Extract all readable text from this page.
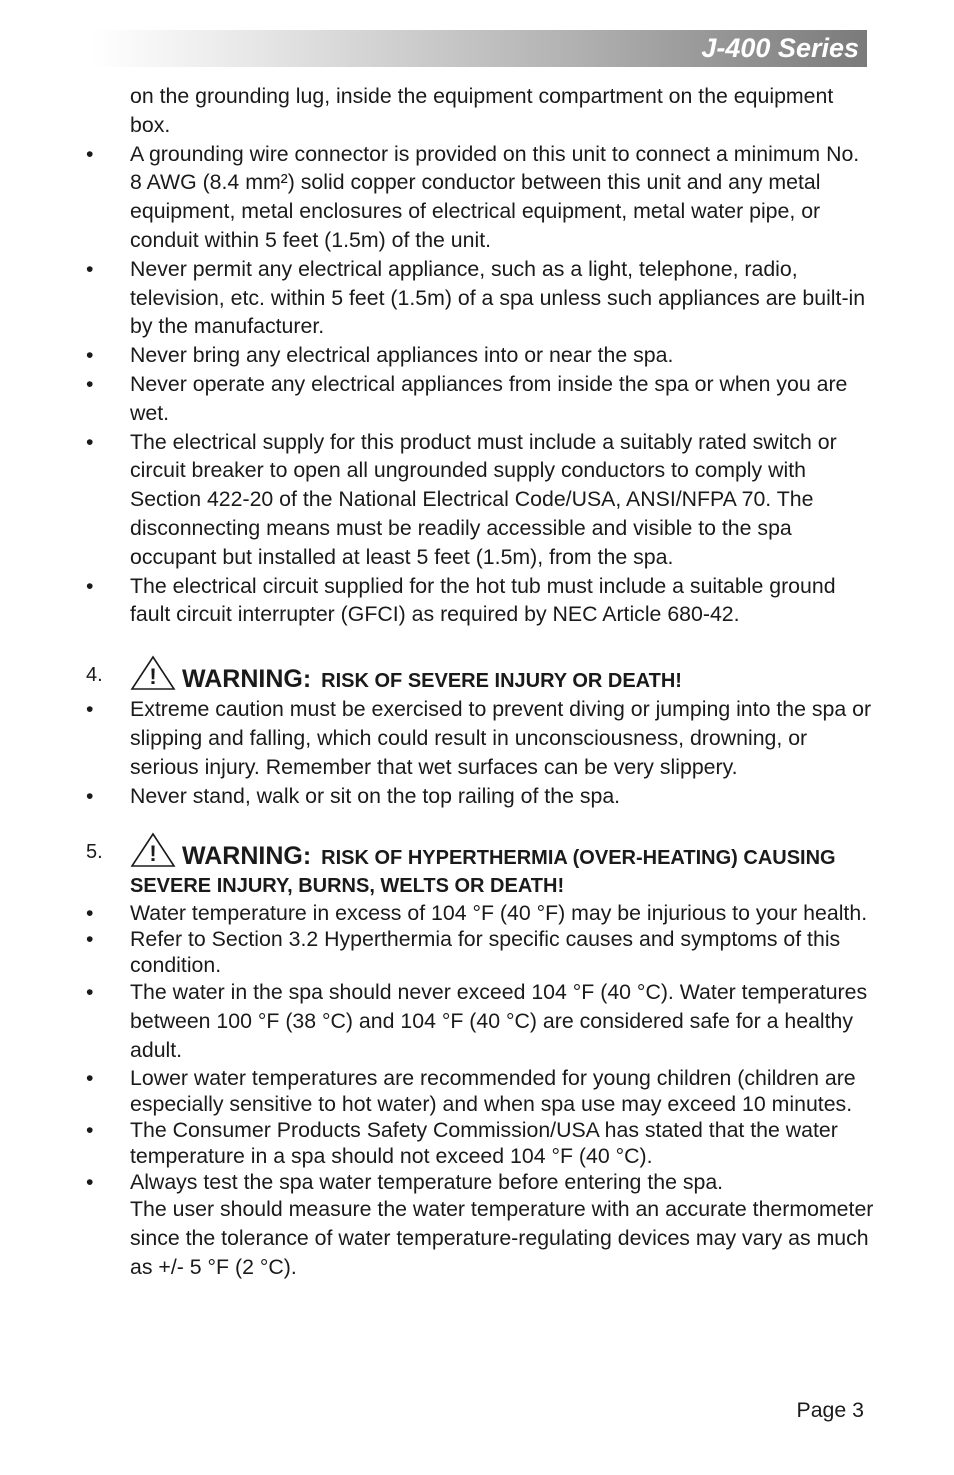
J-400 Series
on the grounding lug, inside the equipment compartment on the equipment box.
• A grounding wire connector is provided on this unit to connect a minimum No. 8 AWG (8.4 mm²) solid copper conductor between this unit and any metal equipment, metal enclosures of electrical equipment, metal water pipe, or conduit within 5 feet (1.5m) of the unit.
• Never permit any electrical appliance, such as a light, telephone, radio, television, etc. within 5 feet (1.5m) of a spa unless such appliances are built-in by the manufacturer.
• Never bring any electrical appliances into or near the spa.
• Never operate any electrical appliances from inside the spa or when you are wet.
• The electrical supply for this product must include a suitably rated switch or circuit breaker to open all ungrounded supply conductors to comply with Section 422-20 of the National Electrical Code/USA, ANSI/NFPA 70. The disconnecting means must be readily accessible and visible to the spa occupant but installed at least 5 feet (1.5m), from the spa.
• The electrical circuit supplied for the hot tub must include a suitable ground fault circuit interrupter (GFCI) as required by NEC Article 680-42.
4. ! WARNING: RISK OF SEVERE INJURY OR DEATH!
• Extreme caution must be exercised to prevent diving or jumping into the spa or slipping and falling, which could result in unconsciousness, drowning, or serious injury. Remember that wet surfaces can be very slippery.
• Never stand, walk or sit on the top railing of the spa.
5. ! WARNING: RISK OF HYPERTHERMIA (OVER-HEATING) CAUSING SEVERE INJURY, BURNS, WELTS OR DEATH!
• Water temperature in excess of 104 °F (40 °F) may be injurious to your health.
• Refer to Section 3.2 Hyperthermia for specific causes and symptoms of this condition.
• The water in the spa should never exceed 104 °F (40 °C). Water temperatures between 100 °F (38 °C) and 104 °F (40 °C) are considered safe for a healthy adult.
• Lower water temperatures are recommended for young children (children are especially sensitive to hot water) and when spa use may exceed 10 minutes.
• The Consumer Products Safety Commission/USA has stated that the water temperature in a spa should not exceed 104 °F (40 °C).
• Always test the spa water temperature before entering the spa.
The user should measure the water temperature with an accurate thermometer since the tolerance of water temperature-regulating devices may vary as much as +/- 5 °F (2 °C).
Page 3
